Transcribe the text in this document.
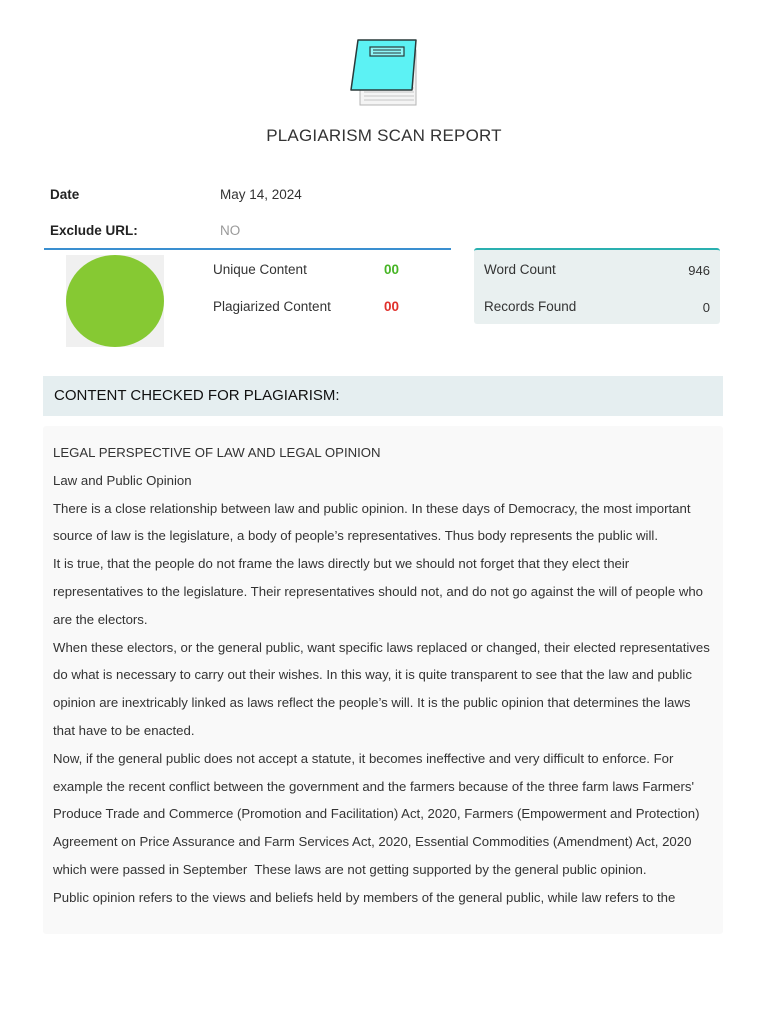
PLAGIARISM SCAN REPORT
Date	May 14, 2024
Exclude URL:	NO
Unique Content	00
Plagiarized Content	00
Word Count	946
Records Found	0
CONTENT CHECKED FOR PLAGIARISM:

LEGAL PERSPECTIVE OF LAW AND LEGAL OPINION

Law and Public Opinion

There is a close relationship between law and public opinion. In these days of Democracy, the most important source of law is the legislature, a body of people’s representatives. Thus body represents the public will.

It is true, that the people do not frame the laws directly but we should not forget that they elect their representatives to the legislature. Their representatives should not, and do not go against the will of people who are the electors.

When these electors, or the general public, want specific laws replaced or changed, their elected representatives do what is necessary to carry out their wishes. In this way, it is quite transparent to see that the law and public opinion are inextricably linked as laws reflect the people’s will. It is the public opinion that determines the laws that have to be enacted.

Now, if the general public does not accept a statute, it becomes ineffective and very difficult to enforce. For example the recent conflict between the government and the farmers because of the three farm laws Farmers' Produce Trade and Commerce (Promotion and Facilitation) Act, 2020, Farmers (Empowerment and Protection) Agreement on Price Assurance and Farm Services Act, 2020, Essential Commodities (Amendment) Act, 2020 which were passed in September  These laws are not getting supported by the general public opinion.

Public opinion refers to the views and beliefs held by members of the general public, while law refers to the
